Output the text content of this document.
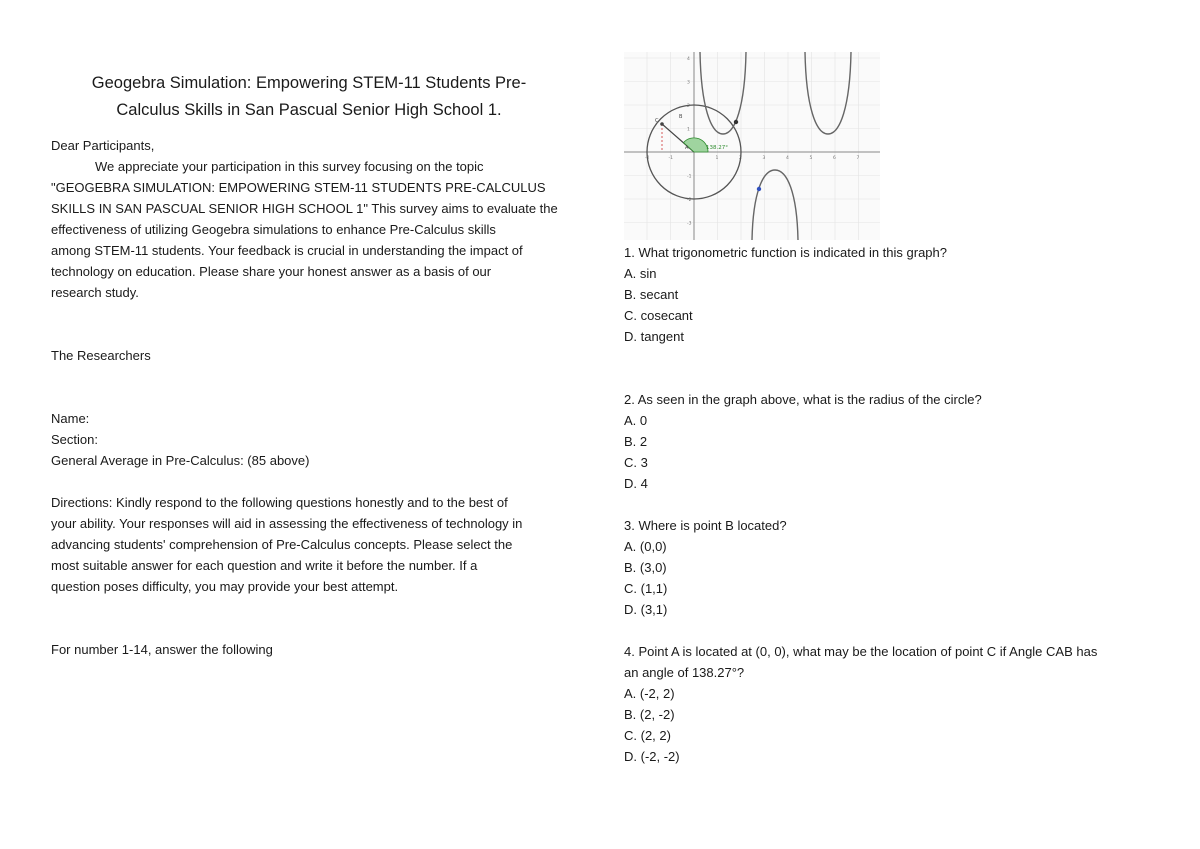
Geogebra Simulation: Empowering STEM-11 Students Pre-
Calculus Skills in San Pascual Senior High School 1.
Dear Participants,
We appreciate your participation in this survey focusing on the topic
"GEOGEBRA SIMULATION: EMPOWERING STEM-11 STUDENTS PRE-CALCULUS
SKILLS IN SAN PASCUAL SENIOR HIGH SCHOOL 1" This survey aims to evaluate the
effectiveness of utilizing Geogebra simulations to enhance Pre-Calculus skills
among STEM-11 students. Your feedback is crucial in understanding the impact of
technology on education. Please share your honest answer as a basis of our
research study.
The Researchers
Name:
Section:
General Average in Pre-Calculus: (85 above)
Directions: Kindly respond to the following questions honestly and to the best of
your ability. Your responses will aid in assessing the effectiveness of technology in
advancing students' comprehension of Pre-Calculus concepts. Please select the
most suitable answer for each question and write it before the number. If a
question poses difficulty, you may provide your best attempt.
For number 1-14, answer the following
4
3
2
1
-1
-2
-3
-2	-1	1	2	3	4	5	6	7
138.27°
A
B
C
1. What trigonometric function is indicated in this graph?
A. sin
B. secant
C. cosecant
D. tangent
2. As seen in the graph above, what is the radius of the circle?
A. 0
B. 2
C. 3
D. 4
3. Where is point B located?
A. (0,0)
B. (3,0)
C. (1,1)
D. (3,1)
4. Point A is located at (0, 0), what may be the location of point C if Angle CAB has
an angle of 138.27°?
A. (-2, 2)
B. (2, -2)
C. (2, 2)
D. (-2, -2)
